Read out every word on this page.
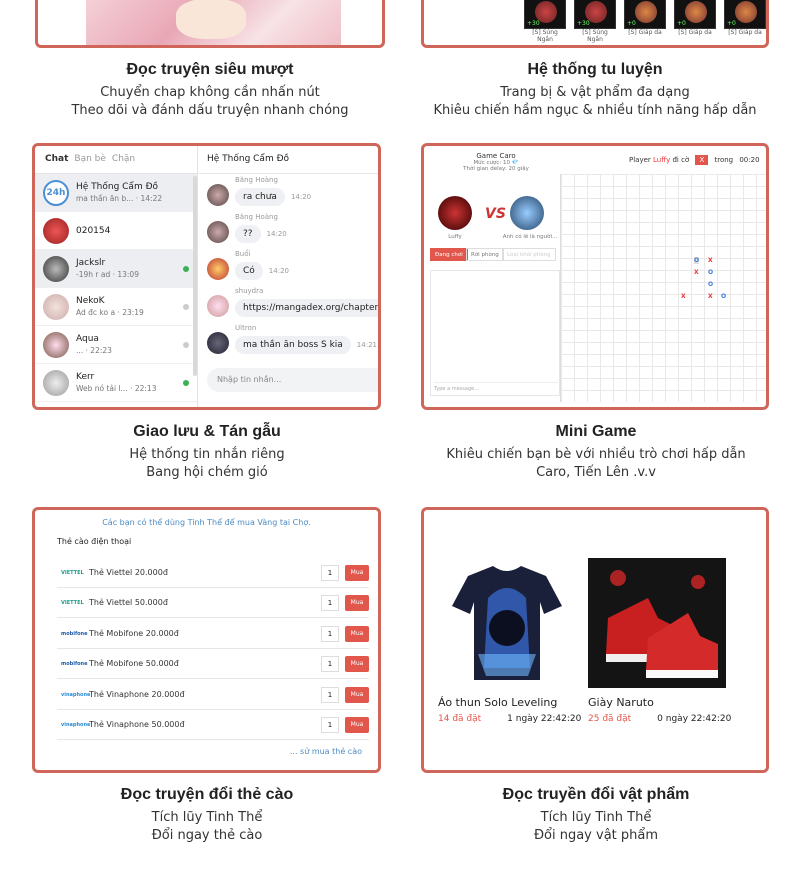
Đọc truyện siêu mượt

Chuyển chap không cần nhấn nút

Theo dõi và đánh dấu truyện nhanh chóng

+30
[S] Súng Ngắn
+30
[S] Súng Ngắn
+0
[S] Giáp da
+0
[S] Giáp da
+0
[S] Giáp da
Hệ thống tu luyện

Trang bị & vật phẩm đa dạng

Khiêu chiến hầm ngục & nhiều tính năng hấp dẫn

Chat Bạn bè Chặn
24h
Hệ Thống Cẩm Đồ
ma thần ăn b... · 14:22
020154
Jackslr
-19h r ad · 13:09
NekoK
Ad đc ko a · 23:19
Aqua
... · 22:23
Kerr
Web nó tải l... · 22:13
Hệ Thống Cẩm Đồ
Băng Hoàng
ra chưa 14:20
Băng Hoàng
?? 14:20
Buổi
Có 14:20
shuydra
https://mangadex.org/chapter
Ultron
ma thần ăn boss S kia 14:21
Nhập tin nhắn...
Giao lưu & Tán gẫu

Hệ thống tin nhắn riêng

Bang hội chém gió

Game Caro
Mức cược: 10 💎
Thời gian delay: 20 giây
Luffy
VS
Anh có lẽ là người...
Đang chơi	Rời phòng	Loại khỏi phòng
Type a message...
Player Luffy đi cờ X trong 00:20
O X
X O
O
X	X O
Mini Game

Khiêu chiến bạn bè với nhiều trò chơi hấp dẫn

Caro, Tiến Lên .v.v

Các bạn có thể dùng Tinh Thể để mua Vàng tại Chợ.
Thẻ cào điện thoại
VIETTEL Thẻ Viettel 20.000đ	1	Mua
VIETTEL Thẻ Viettel 50.000đ	1	Mua
mobifone Thẻ Mobifone 20.000đ	1	Mua
mobifone Thẻ Mobifone 50.000đ	1	Mua
vinaphone
Thẻ Vinaphone 20.000đ	1	Mua
vinaphone
Thẻ Vinaphone 50.000đ	1	Mua
... sử mua thẻ cào
Đọc truyện đổi thẻ cào

Tích lũy Tinh Thể

Đổi ngay thẻ cào

Áo thun Solo Leveling
14 đã đặt	1 ngày 22:42:20
Giày Naruto
25 đã đặt	0 ngày 22:42:20
Đọc truyền đổi vật phẩm

Tích lũy Tinh Thể

Đổi ngay vật phẩm
